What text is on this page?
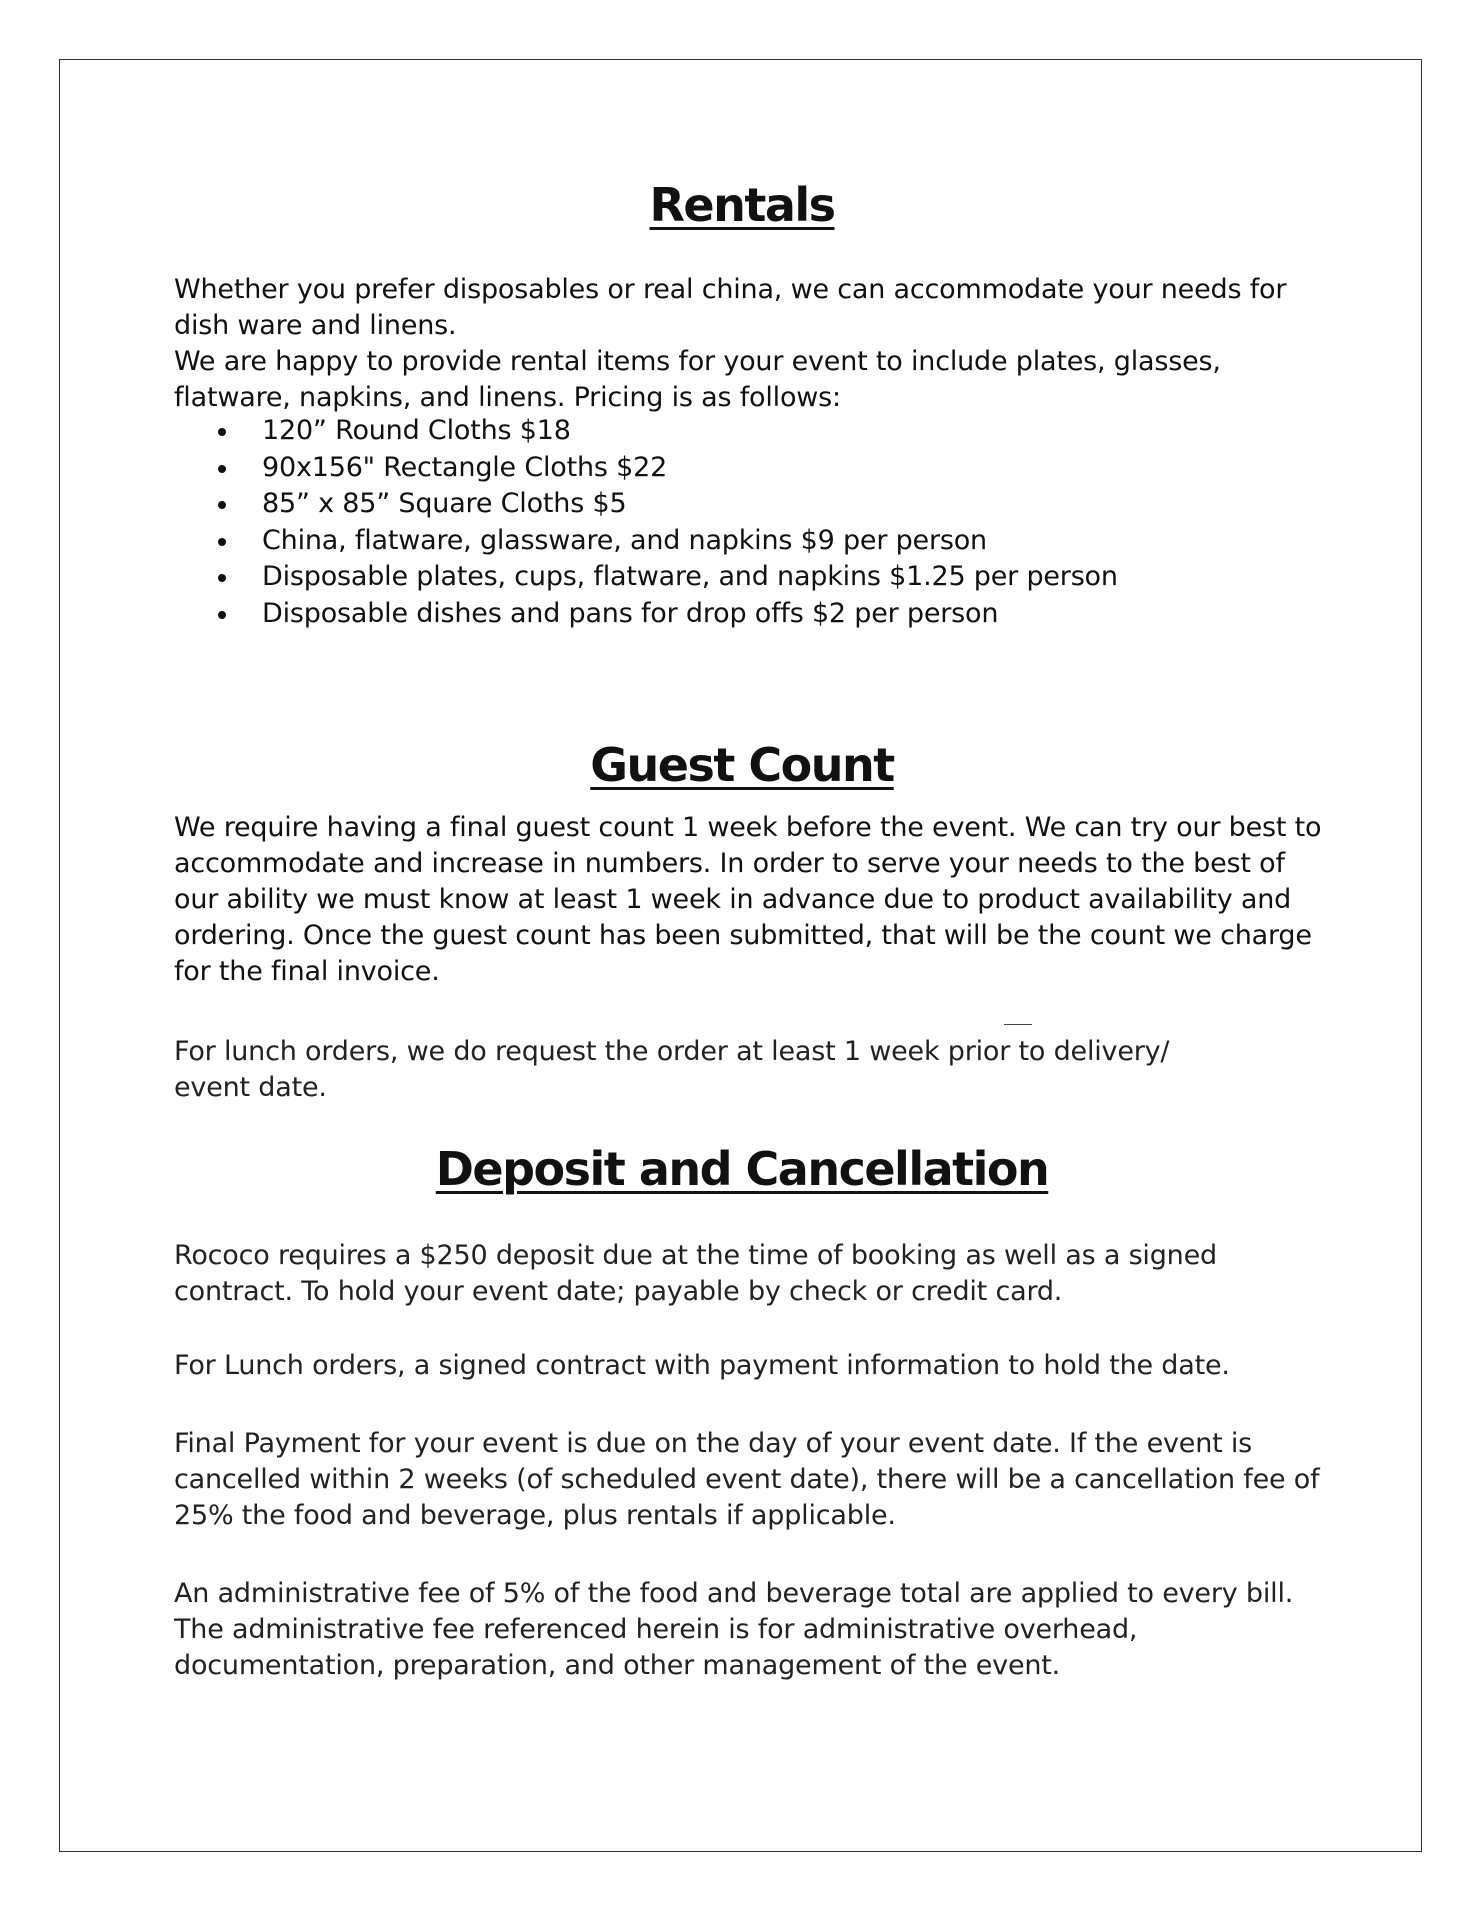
Rentals

Whether you prefer disposables or real china, we can accommodate your needs for dish ware and linens.

We are happy to provide rental items for your event to include plates, glasses, flatware, napkins, and linens. Pricing is as follows:

120” Round Cloths $18
90x156" Rectangle Cloths $22
85” x 85” Square Cloths $5
China, flatware, glassware, and napkins $9 per person
Disposable plates, cups, flatware, and napkins $1.25 per person
Disposable dishes and pans for drop offs $2 per person
Guest Count

We require having a final guest count 1 week before the event. We can try our best to accommodate and increase in numbers. In order to serve your needs to the best of our ability we must know at least 1 week in advance due to product availability and ordering. Once the guest count has been submitted, that will be the count we charge for the final invoice.

For lunch orders, we do request the order at least 1 week prior to delivery/ event date.

Deposit and Cancellation

Rococo requires a $250 deposit due at the time of booking as well as a signed contract. To hold your event date; payable by check or credit card.

For Lunch orders, a signed contract with payment information to hold the date.

Final Payment for your event is due on the day of your event date. If the event is cancelled within 2 weeks (of scheduled event date), there will be a cancellation fee of 25% the food and beverage, plus rentals if applicable.

An administrative fee of 5% of the food and beverage total are applied to every bill. The administrative fee referenced herein is for administrative overhead, documentation, preparation, and other management of the event.
